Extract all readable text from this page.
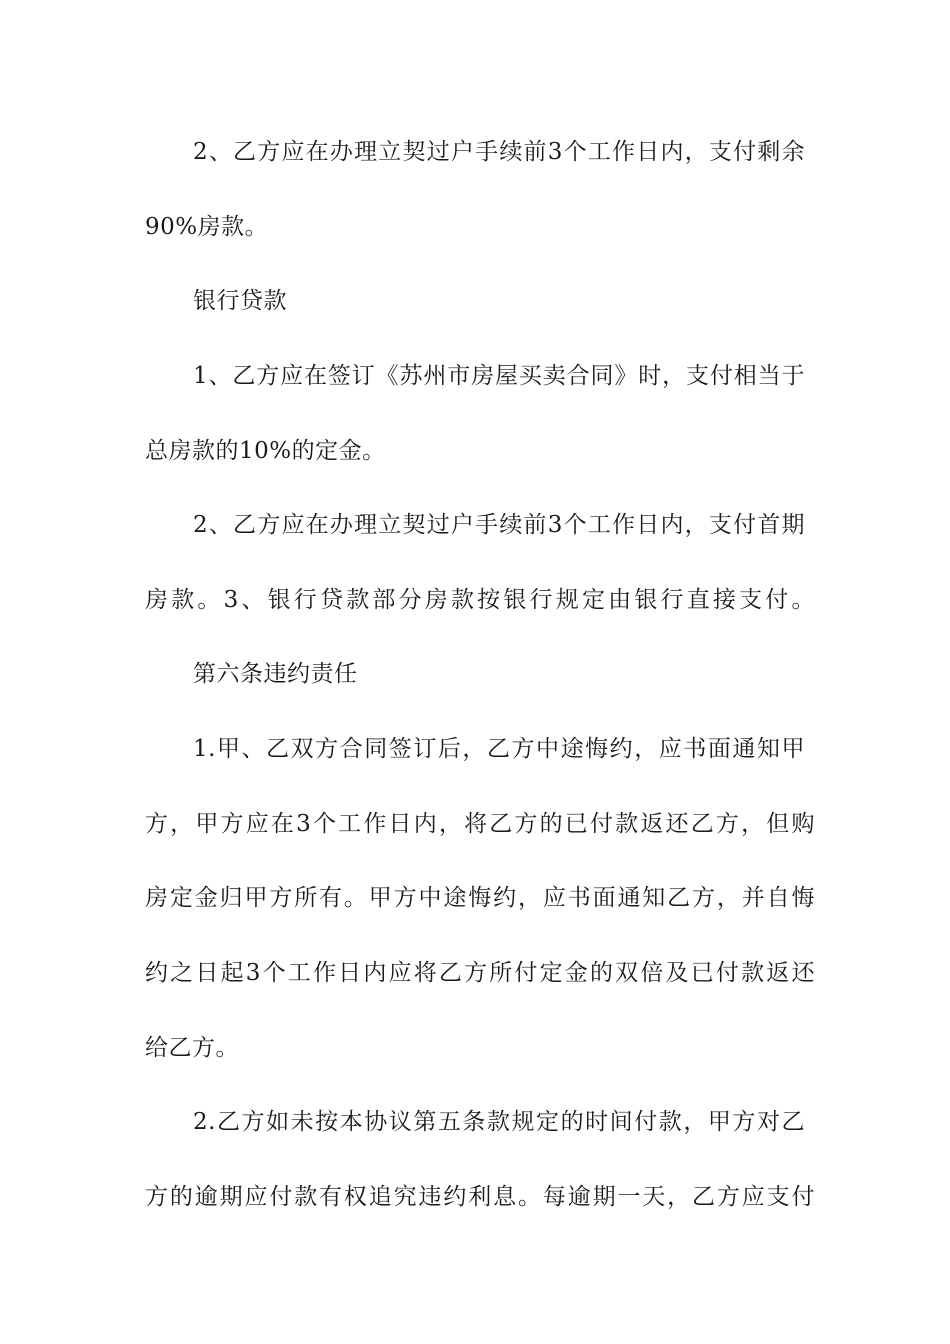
2、乙方应在办理立契过户手续前3个工作日内，支付剩余
90%房款。
银行贷款
1、乙方应在签订《苏州市房屋买卖合同》时，支付相当于
总房款的10%的定金。
2、乙方应在办理立契过户手续前3个工作日内，支付首期
房款。3、银行贷款部分房款按银行规定由银行直接支付。
第六条违约责任
1.甲、乙双方合同签订后，乙方中途悔约，应书面通知甲
方，甲方应在3个工作日内，将乙方的已付款返还乙方，但购
房定金归甲方所有。甲方中途悔约，应书面通知乙方，并自悔
约之日起3个工作日内应将乙方所付定金的双倍及已付款返还
给乙方。
2.乙方如未按本协议第五条款规定的时间付款，甲方对乙
方的逾期应付款有权追究违约利息。每逾期一天，乙方应支付
